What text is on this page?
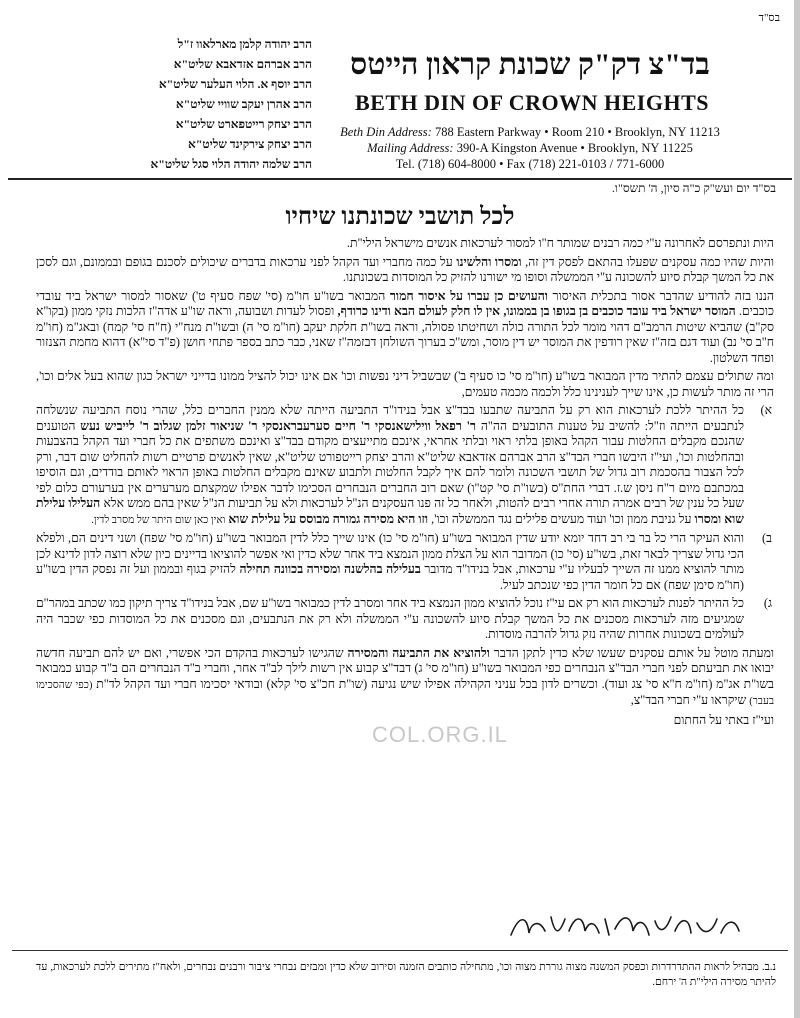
בס"ד
הרב יהודה קלמן מארלאוו ז"ל
הרב אברהם אזדאבא שליט"א
הרב יוסף א. הלוי העלער שליט"א
הרב אהרן יעקב שוויי שליט"א
הרב יצחק רייטפארט שליט"א
הרב יצחק צירקינד שליט"א
הרב שלמה יהודה הלוי סגל שליט"א
בד"צ דק"ק שכונת קראון הייטס
BETH DIN OF CROWN HEIGHTS
Beth Din Address: 788 Eastern Parkway • Room 210 • Brooklyn, NY 11213
Mailing Address: 390-A Kingston Avenue • Brooklyn, NY 11225
Tel. (718) 604-8000 • Fax (718) 221-0103 / 771-6000
בס"ד יום ועש"ק כ"ה סיון, ה' תשס"ו.
לכל תושבי שכונתנו שיחיו

היות ונתפרסם לאחרונה ע"י כמה רבנים שמותר ח"ו למסור לערכאות אנשים מישראל הילי"ת.

והיות שהיו כמה עסקנים שפעלו בהתאם לפסק דין זה, ומסרו והלשינו על כמה מחברי ועד הקהל לפני ערכאות בדברים שיכולים לסכנם בגופם ובממונם, וגם לסכן את כל המשך קבלת סיוע להשכונה ע"י הממשלה וסופו מי ישורנו להזיק כל המוסדות בשכונתנו.

הננו בזה להודיע שהדבר אסור בתכלית האיסור והעושים כן עברו על איסור חמור המבואר בשו"ע חו"מ (סי' שפח סעיף ט') שאסור למסור ישראל ביד עובדי כוכבים. המוסר ישראל ביד עובד כוכבים בן בגופו בן בממונו, אין לו חלק לעולם הבא ודינו כרודף, ופסול לעדות ושבועה, וראה שו"ע אדה"ז הלכות נזקי ממון (בקו"א סק"ב) שהביא שיטות הרמב"ם דהוי מומר לכל התורה כולה ושחיטתו פסולה, וראה בשו"ת חלקת יעקב (חו"מ סי' ה) ובשו"ת מנח"י (ח"ח סי' קמח) ובאג"מ (חו"מ ח"ב סי' נב) ועוד דגם בזה"ז שאין רודפין את המוסר יש דין מוסר, ומש"כ בערוך השולחן דבזמה"ז שאני, כבר כתב בספר פתחי חושן (פ"ד סי"א) דהוא מחמת הצנזור ופחד השלטון.

ומה שתולים עצמם להתיר מדין המבואר בשו"ע (חו"מ סי' כו סעיף ב') שבשביל דיני נפשות וכו' אם אינו יכול להציל ממונו בדייני ישראל כגון שהוא בעל אלים וכו', הרי זה מותר לעשות כן, אינו שייך לענינינו כלל ולכמה מכמה טעמים,

א)
כל ההיתר ללכת לערכאות הוא רק על התביעה שתבעו בבד"צ אבל בנידו"ד התביעה הייתה שלא ממנין החברים כלל, שהרי נוסח התביעה שנשלחה לנתבעים הייתה וז"ל: להשיב על טענות התובעים הה"ה ר' רפאל ווילישאנסקי ר' חיים סערעבראנסקי ר' שניאור זלמן שגלוב ר' לייביש נעש הטוענים שהנכם מקבלים החלטות עבור הקהל באופן בלתי ראוי ובלתי אחראי, אינכם מתייעצים מקודם בבד"צ ואינכם משתפים את כל חברי ועד הקהל בהצבעות ובהחלטות וכו', ועי"ז היבשו חברי הבד"צ הרב אברהם אזדאבא שליט"א והרב יצחק רייטפורט שליט"א, שאין לאנשים פרטיים רשות להחליט שום דבר, ורק לכל הצבור בהסכמת רוב גדול של תושבי השכונה ולומר להם איך לקבל החלטות ולתבוע שאינם מקבלים החלטות באופן הראוי לאותם בודדים, וגם הוסיפו במכתבם מיום ר"ח ניסן ש.ז. דברי החת"ס (בשו"ת סי' קט"ו) שאם רוב החברים הנבחרים הסכימו לדבר אפילו שמקצתם מערערים אין בערעורם כלום לפי שעל כל ענין של רבים אמרה תורה אחרי רבים להטות, ולאחר כל זה פנו העסקנים הנ"ל לערכאות ולא על תביעות הנ"ל שאין בהם ממש אלא העלילו עלילת שוא ומסרו על גניבת ממון וכו' ועוד מעשים פלילים נגד הממשלה וכו', וזו היא מסירה גמורה מבוסס על עלילת שוא ואין כאן שום היתר של מסרב לדין.
ב)
והוא העיקר הרי כל בר בי רב דחד יומא יודע שדין המבואר בשו"ע (חו"מ סי' כו) אינו שייך כלל לדין המבואר בשו"ע (חו"מ סי' שפח) ושני דינים הם, ולפלא הכי גדול שצריך לבאר זאת, בשו"ע (סי' כו) המדובר הוא על הצלת ממון הנמצא ביד אחר שלא כדין ואי אפשר להוציאו בדיינים כיון שלא רוצה לדון לדינא לכן מותר להוציא ממנו זה השייך לבעליו ע"י ערכאות, אבל בנידו"ד מדובר בעלילה בהלשנה ומסירה בכוונה תחילה להזיק בגוף ובממון ועל זה נפסק הדין בשו"ע (חו"מ סימן שפח) אם כל חומר הדין כפי שנכתב לעיל.
ג)
כל ההיתר לפנות לערכאות הוא רק אם עי"ז נוכל להוציא ממון הנמצא ביד אחר ומסרב לדין כמבואר בשו"ע שם, אבל בנידו"ד צריך תיקון כמו שכתב במהר"ם שמגיעים מזה לערכאות מסכנים את כל המשך קבלת סיוע להשכונה ע"י הממשלה ולא רק את הנתבעים, וגם מסכנים את כל המוסדות כפי שכבר היה לעולמים בשכונות אחרות שהיה נזק גדול להרבה מוסדות.

ומעתה מוטל על אותם עסקנים שעשו שלא כדין לתקן הדבר ולהוציא את התביעה והמסירה שהגישו לערכאות בהקדם הכי אפשרי, ואם יש להם תביעה חדשה יבואו את תביעתם לפני חברי הבד"צ הנבחרים כפי המבואר בשו"ע (חו"מ סי' ג) דבד"צ קבוע אין רשות לילך לב"ד אחר, וחברי ב"ד הנבחרים הם ב"ד קבוע כמבואר בשו"ת אג"מ (חו"מ ח"א סי' צג ועוד). וכשרים לדון בכל עניני הקהילה אפילו שיש נגיעה (שו"ת חכ"צ סי' קלא) ובודאי יסכימו חברי ועד הקהל לד"ת (כפי שהסכימו בעבר) שיקראו ע"י חברי הבד"צ,

ועי"ז באתי על החתום

COL.ORG.IL
נ.ב. מבהיל לראות ההתדרדרות וכפסק המשנה מצוה גוררת מצוה וכו', מתחילה כותבים הזמנה וסירוב שלא כדין ומבזים נבחרי ציבור ורבנים נבחרים, ולאח"ז מתירים ללכת לערכאות, עד להיתר מסירה הילי"ת ה' ירחם.
